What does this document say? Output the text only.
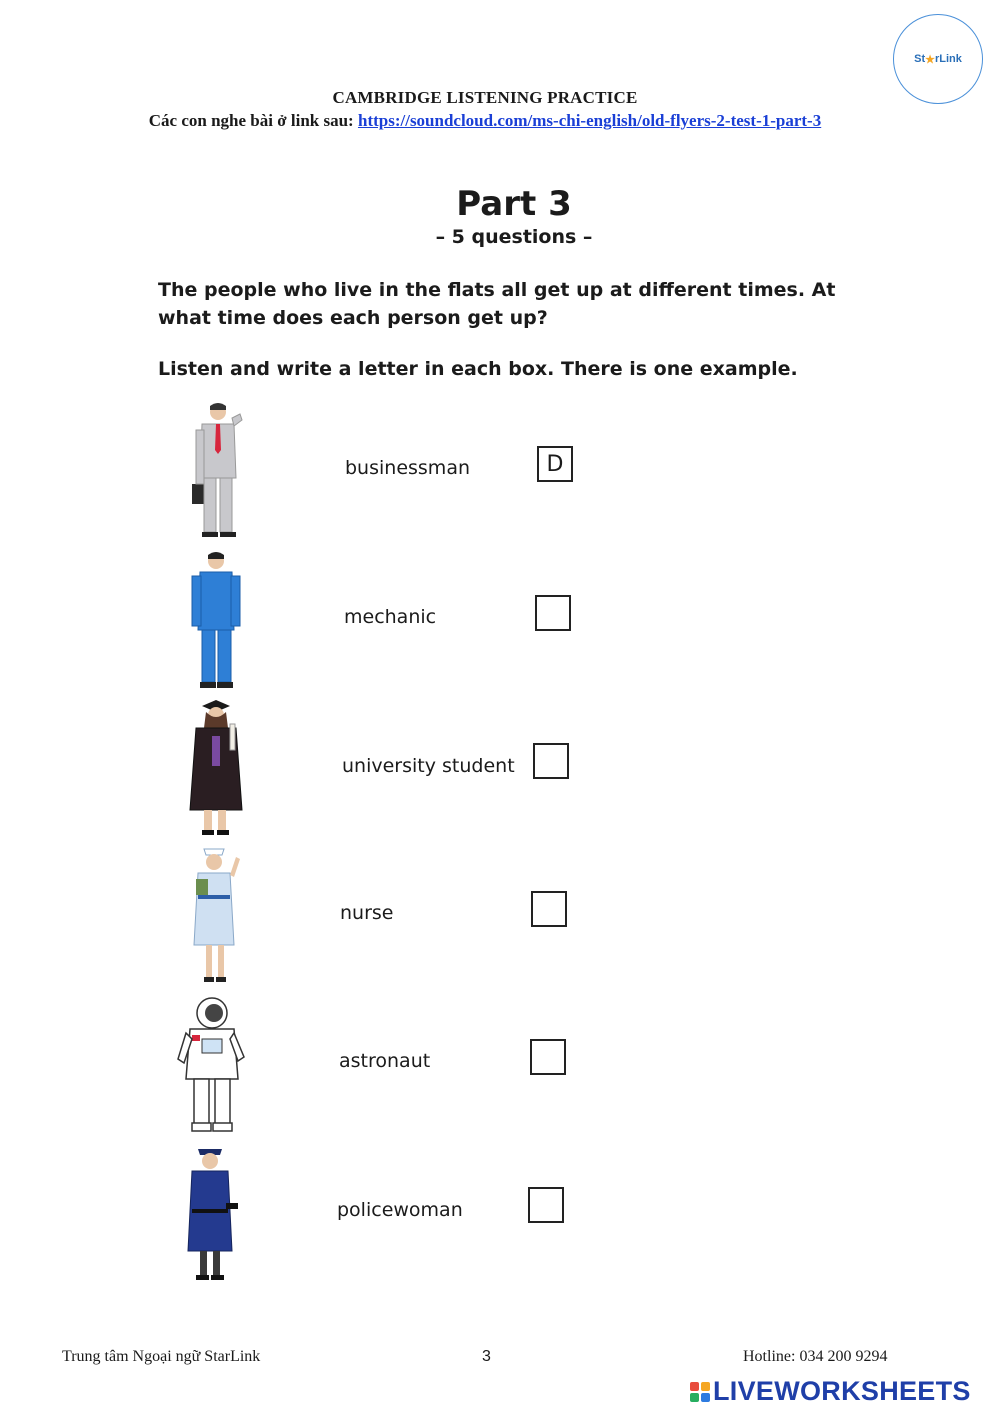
St ★ rLink
CAMBRIDGE LISTENING PRACTICE
Các con nghe bài ở link sau: https://soundcloud.com/ms-chi-english/old-flyers-2-test-1-part-3
Part 3
– 5 questions –
The people who live in the flats all get up at different times. At what time does each person get up?
Listen and write a letter in each box. There is one example.
businessman	D
mechanic
university student
nurse
astronaut
policewoman
Trung tâm Ngoại ngữ StarLink	3	Hotline: 034 200 9294
LIVEWORKSHEETS
